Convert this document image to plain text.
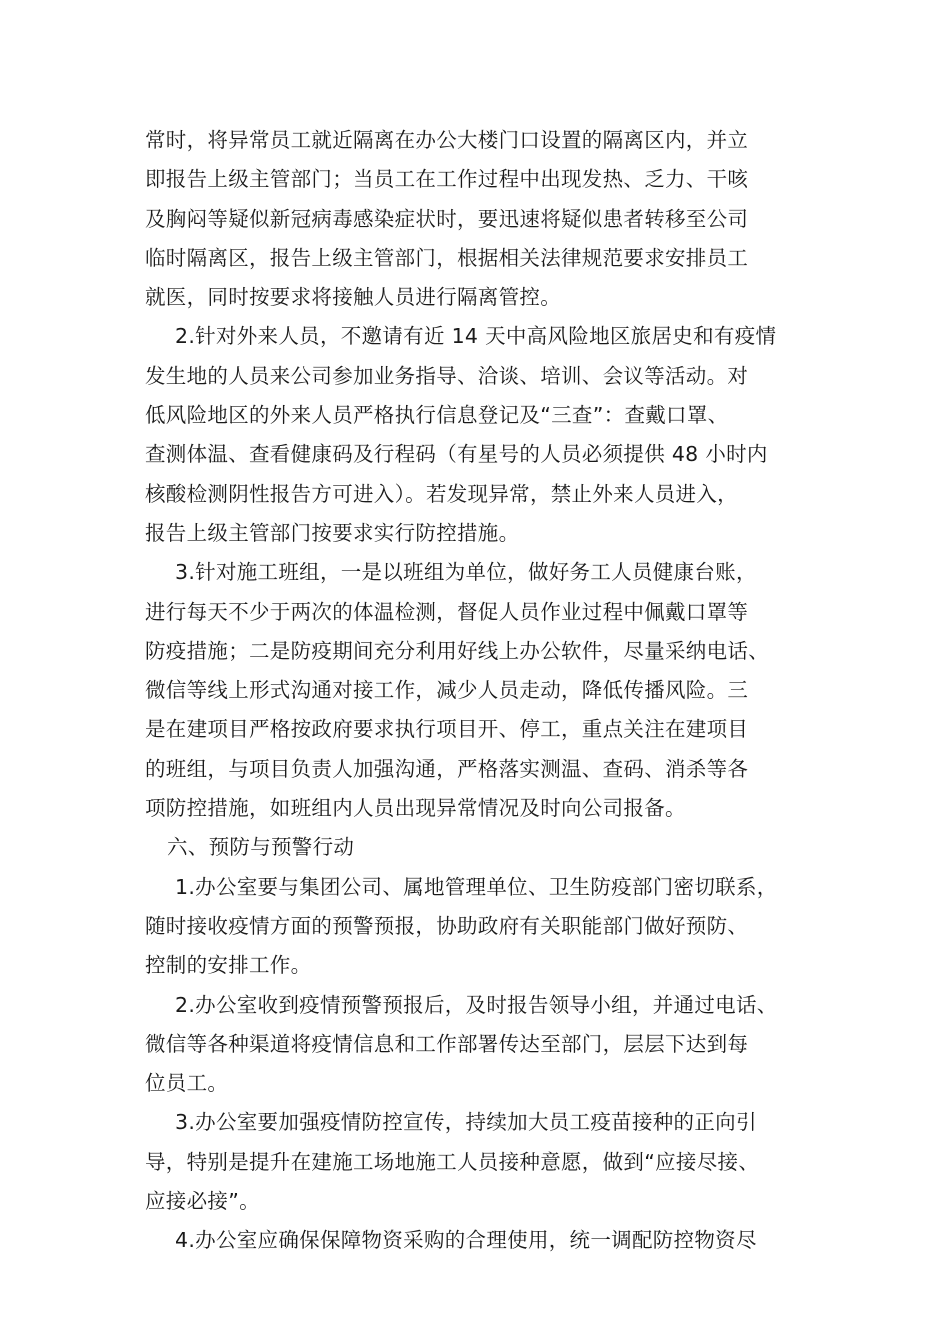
常时，将异常员工就近隔离在办公大楼门口设置的隔离区内，并立
即报告上级主管部门；当员工在工作过程中出现发热、乏力、干咳
及胸闷等疑似新冠病毒感染症状时，要迅速将疑似患者转移至公司
临时隔离区，报告上级主管部门，根据相关法律规范要求安排员工
就医，同时按要求将接触人员进行隔离管控。
2.针对外来人员，不邀请有近 14 天中高风险地区旅居史和有疫情
发生地的人员来公司参加业务指导、洽谈、培训、会议等活动。对
低风险地区的外来人员严格执行信息登记及“三查”：查戴口罩、
查测体温、查看健康码及行程码（有星号的人员必须提供 48 小时内
核酸检测阴性报告方可进入）。若发现异常，禁止外来人员进入，
报告上级主管部门按要求实行防控措施。
3.针对施工班组，一是以班组为单位，做好务工人员健康台账，
进行每天不少于两次的体温检测，督促人员作业过程中佩戴口罩等
防疫措施；二是防疫期间充分利用好线上办公软件，尽量采纳电话、
微信等线上形式沟通对接工作，减少人员走动，降低传播风险。三
是在建项目严格按政府要求执行项目开、停工，重点关注在建项目
的班组，与项目负责人加强沟通，严格落实测温、查码、消杀等各
项防控措施，如班组内人员出现异常情况及时向公司报备。
六、预防与预警行动
1.办公室要与集团公司、属地管理单位、卫生防疫部门密切联系，
随时接收疫情方面的预警预报，协助政府有关职能部门做好预防、
控制的安排工作。
2.办公室收到疫情预警预报后，及时报告领导小组，并通过电话、
微信等各种渠道将疫情信息和工作部署传达至部门，层层下达到每
位员工。
3.办公室要加强疫情防控宣传，持续加大员工疫苗接种的正向引
导，特别是提升在建施工场地施工人员接种意愿，做到“应接尽接、
应接必接”。
4.办公室应确保保障物资采购的合理使用，统一调配防控物资尽
